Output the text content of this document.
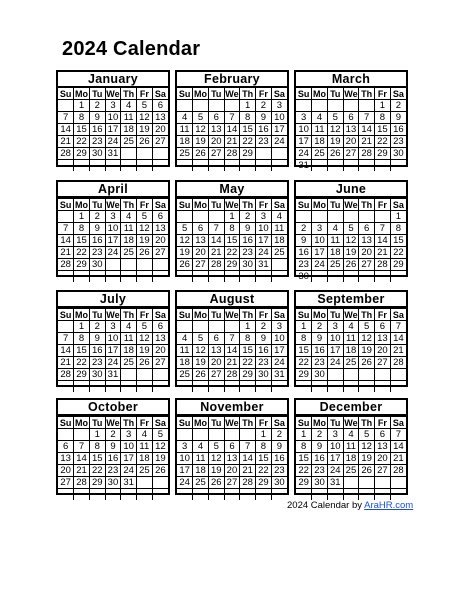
2024 Calendar
January
Su	Mo	Tu	We	Th	Fr	Sa
	1	2	3	4	5	6
7	8	9	10	11	12	13
14	15	16	17	18	19	20
21	22	23	24	25	26	27
28	29	30	31			

February
Su	Mo	Tu	We	Th	Fr	Sa
				1	2	3
4	5	6	7	8	9	10
11	12	13	14	15	16	17
18	19	20	21	22	23	24
25	26	27	28	29		

March
Su	Mo	Tu	We	Th	Fr	Sa
					1	2
3	4	5	6	7	8	9
10	11	12	13	14	15	16
17	18	19	20	21	22	23
24	25	26	27	28	29	30
31						
April
Su	Mo	Tu	We	Th	Fr	Sa
	1	2	3	4	5	6
7	8	9	10	11	12	13
14	15	16	17	18	19	20
21	22	23	24	25	26	27
28	29	30				

May
Su	Mo	Tu	We	Th	Fr	Sa
			1	2	3	4
5	6	7	8	9	10	11
12	13	14	15	16	17	18
19	20	21	22	23	24	25
26	27	28	29	30	31	

June
Su	Mo	Tu	We	Th	Fr	Sa
						1
2	3	4	5	6	7	8
9	10	11	12	13	14	15
16	17	18	19	20	21	22
23	24	25	26	27	28	29
30						
July
Su	Mo	Tu	We	Th	Fr	Sa
	1	2	3	4	5	6
7	8	9	10	11	12	13
14	15	16	17	18	19	20
21	22	23	24	25	26	27
28	29	30	31			

August
Su	Mo	Tu	We	Th	Fr	Sa
				1	2	3
4	5	6	7	8	9	10
11	12	13	14	15	16	17
18	19	20	21	22	23	24
25	26	27	28	29	30	31

September
Su	Mo	Tu	We	Th	Fr	Sa
1	2	3	4	5	6	7
8	9	10	11	12	13	14
15	16	17	18	19	20	21
22	23	24	25	26	27	28
29	30					

October
Su	Mo	Tu	We	Th	Fr	Sa
		1	2	3	4	5
6	7	8	9	10	11	12
13	14	15	16	17	18	19
20	21	22	23	24	25	26
27	28	29	30	31		

November
Su	Mo	Tu	We	Th	Fr	Sa
					1	2
3	4	5	6	7	8	9
10	11	12	13	14	15	16
17	18	19	20	21	22	23
24	25	26	27	28	29	30

December
Su	Mo	Tu	We	Th	Fr	Sa
1	2	3	4	5	6	7
8	9	10	11	12	13	14
15	16	17	18	19	20	21
22	23	24	25	26	27	28
29	30	31				

2024 Calendar by AraHR.com
